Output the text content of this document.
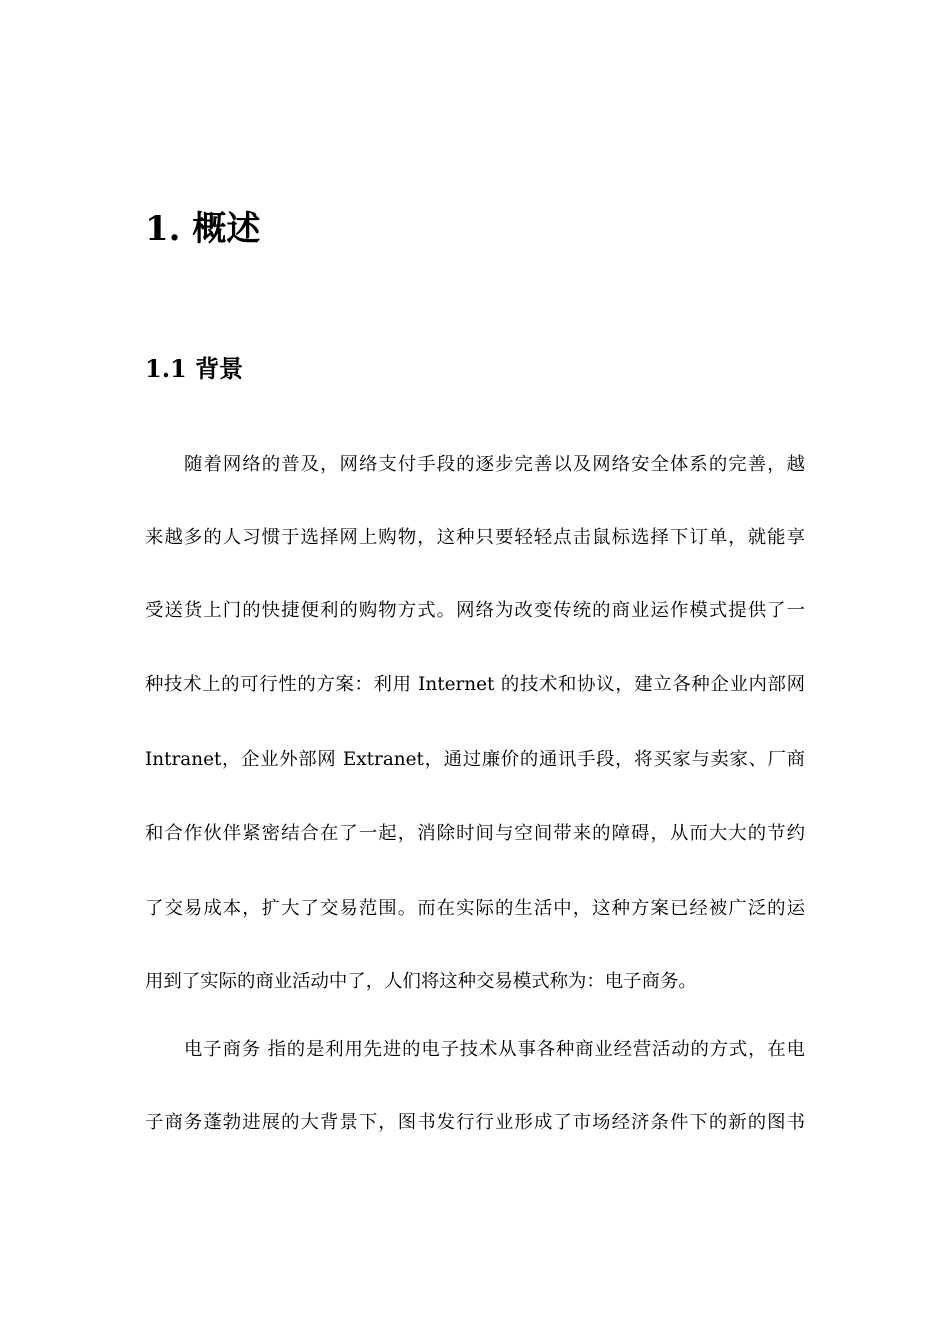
1. 概述
1.1 背景
随着网络的普及，网络支付手段的逐步完善以及网络安全体系的完善，越
来越多的人习惯于选择网上购物，这种只要轻轻点击鼠标选择下订单，就能享
受送货上门的快捷便利的购物方式。网络为改变传统的商业运作模式提供了一
种技术上的可行性的方案：利用 Internet 的技术和协议，建立各种企业内部网
Intranet，企业外部网 Extranet，通过廉价的通讯手段，将买家与卖家、厂商
和合作伙伴紧密结合在了一起，消除时间与空间带来的障碍，从而大大的节约
了交易成本，扩大了交易范围。而在实际的生活中，这种方案已经被广泛的运
用到了实际的商业活动中了，人们将这种交易模式称为：电子商务。
电子商务 指的是利用先进的电子技术从事各种商业经营活动的方式，在电
子商务蓬勃进展的大背景下，图书发行行业形成了市场经济条件下的新的图书
